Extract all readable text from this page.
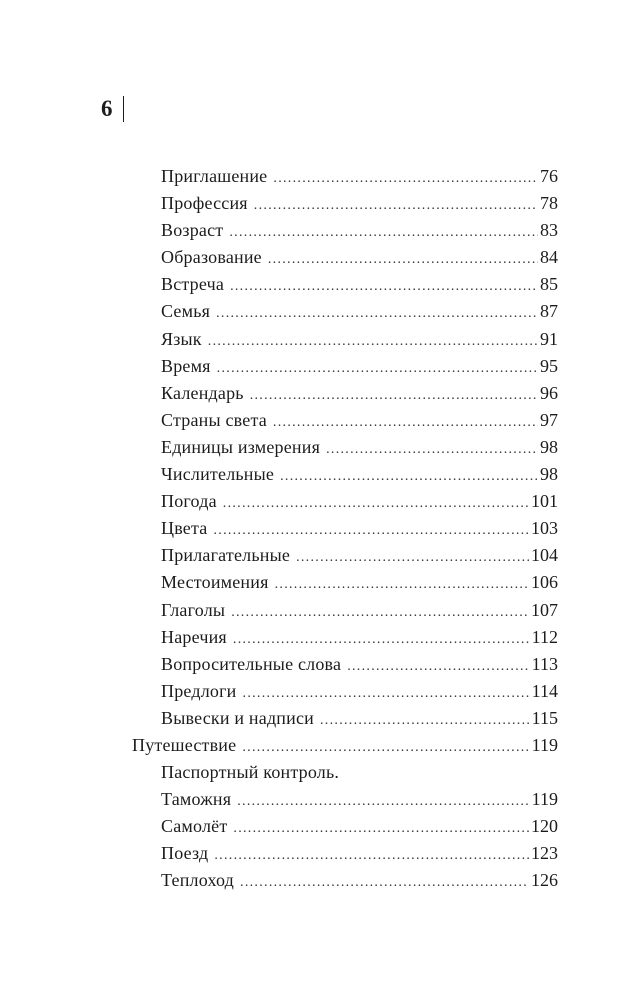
6
Приглашение .....	76
Профессия .....	78
Возраст .....	83
Образование .....	84
Встреча .....	85
Семья .....	87
Язык .....	91
Время .....	95
Календарь .....	96
Страны света .....	97
Единицы измерения .....	98
Числительные .....	98
Погода .....	101
Цвета .....	103
Прилагательные .....	104
Местоимения .....	106
Глаголы .....	107
Наречия .....	112
Вопросительные слова .....	113
Предлоги .....	114
Вывески и надписи .....	115
Путешествие .....	119
Паспортный контроль.
Таможня .....	119
Самолёт .....	120
Поезд .....	123
Теплоход .....	126
